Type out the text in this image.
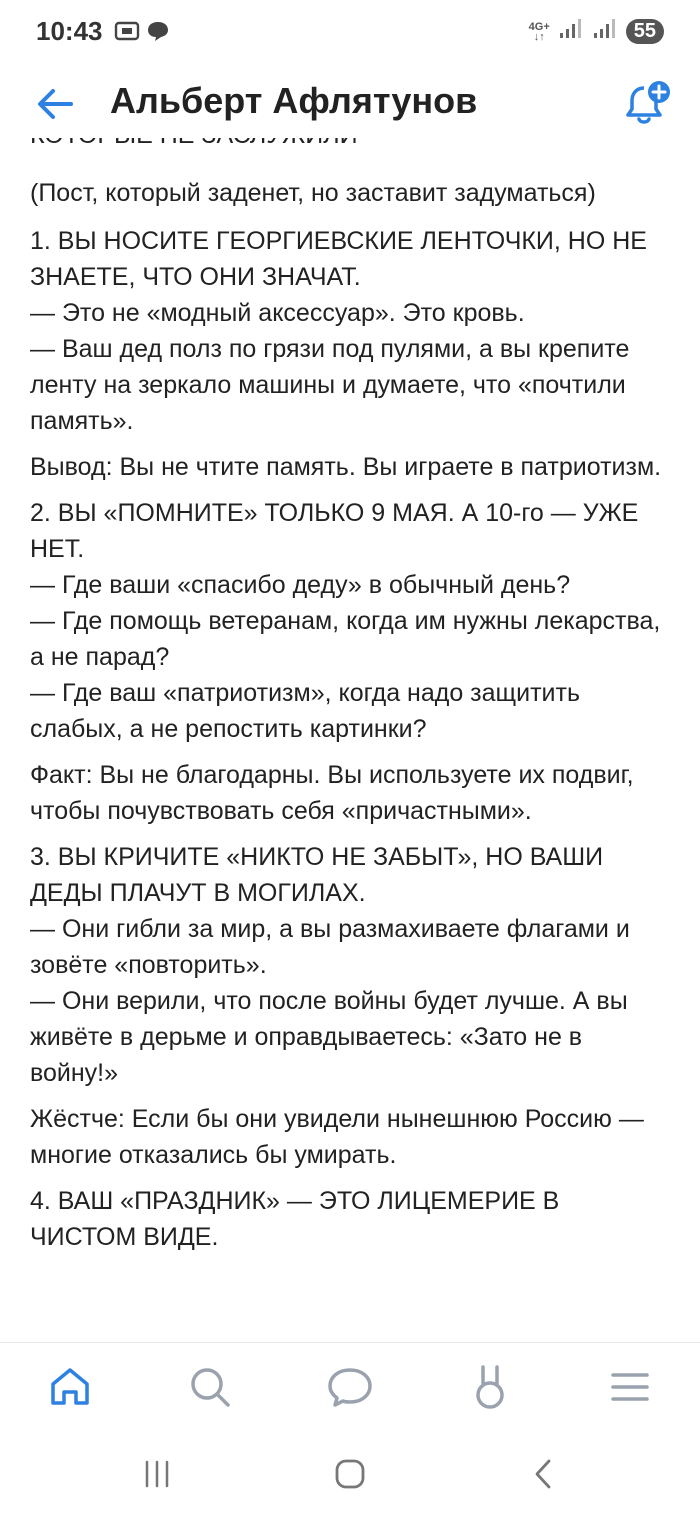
10:43	4G+
↓↑	55
Альберт Афлятунов

(Пост, который заденет, но заставит задуматься)

1. ВЫ НОСИТЕ ГЕОРГИЕВСКИЕ ЛЕНТОЧКИ, НО НЕ ЗНАЕТЕ, ЧТО ОНИ ЗНАЧАТ.
— Это не «модный аксессуар». Это кровь.
— Ваш дед полз по грязи под пулями, а вы крепите ленту на зеркало машины и думаете, что «почтили память».

Вывод: Вы не чтите память. Вы играете в патриотизм.

2. ВЫ «ПОМНИТЕ» ТОЛЬКО 9 МАЯ. А 10-го — УЖЕ НЕТ.
— Где ваши «спасибо деду» в обычный день?
— Где помощь ветеранам, когда им нужны лекарства, а не парад?
— Где ваш «патриотизм», когда надо защитить слабых, а не репостить картинки?

Факт: Вы не благодарны. Вы используете их подвиг, чтобы почувствовать себя «причастными».

3. ВЫ КРИЧИТЕ «НИКТО НЕ ЗАБЫТ», НО ВАШИ ДЕДЫ ПЛАЧУТ В МОГИЛАХ.
— Они гибли за мир, а вы размахиваете флагами и зовёте «повторить».
— Они верили, что после войны будет лучше. А вы живёте в дерьме и оправдываетесь: «Зато не в войну!»

Жёстче: Если бы они увидели нынешнюю Россию — многие отказались бы умирать.

4. ВАШ «ПРАЗДНИК» — ЭТО ЛИЦЕМЕРИЕ В ЧИСТОМ ВИДЕ.
